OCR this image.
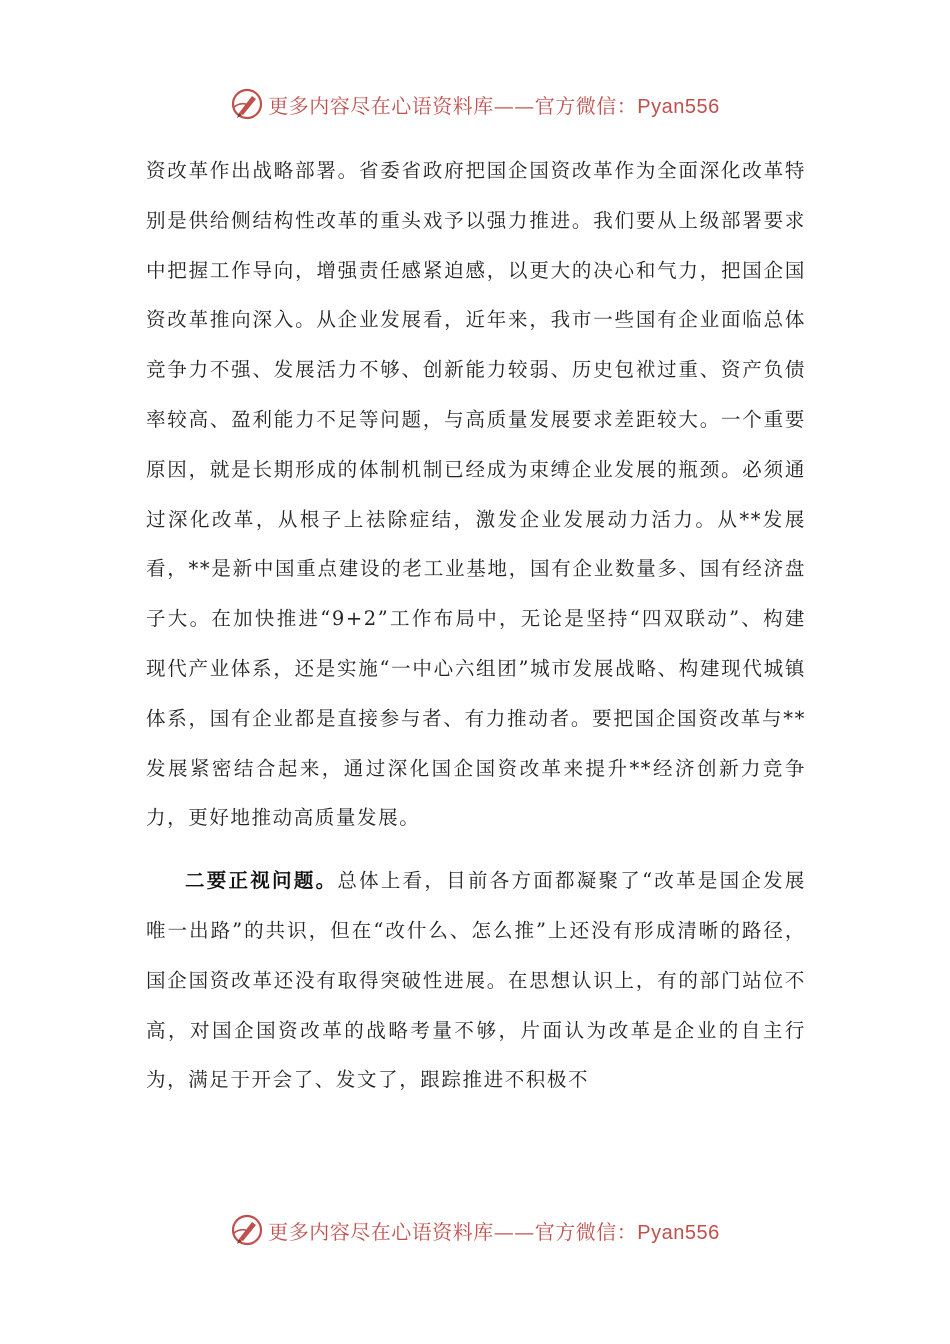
更多内容尽在心语资料库——官方微信：Pyan556

资改革作出战略部署。省委省政府把国企国资改革作为全面深化改革特别是供给侧结构性改革的重头戏予以强力推进。我们要从上级部署要求中把握工作导向，增强责任感紧迫感，以更大的决心和气力，把国企国资改革推向深入。从企业发展看，近年来，我市一些国有企业面临总体竞争力不强、发展活力不够、创新能力较弱、历史包袱过重、资产负债率较高、盈利能力不足等问题，与高质量发展要求差距较大。一个重要原因，就是长期形成的体制机制已经成为束缚企业发展的瓶颈。必须通过深化改革，从根子上祛除症结，激发企业发展动力活力。从**发展看，**是新中国重点建设的老工业基地，国有企业数量多、国有经济盘子大。在加快推进“9+2”工作布局中，无论是坚持“四双联动”、构建现代产业体系，还是实施“一中心六组团”城市发展战略、构建现代城镇体系，国有企业都是直接参与者、有力推动者。要把国企国资改革与**发展紧密结合起来，通过深化国企国资改革来提升**经济创新力竞争力，更好地推动高质量发展。

二要正视问题。总体上看，目前各方面都凝聚了“改革是国企发展唯一出路”的共识，但在“改什么、怎么推”上还没有形成清晰的路径，国企国资改革还没有取得突破性进展。在思想认识上，有的部门站位不高，对国企国资改革的战略考量不够，片面认为改革是企业的自主行为，满足于开会了、发文了，跟踪推进不积极不

更多内容尽在心语资料库——官方微信：Pyan556
